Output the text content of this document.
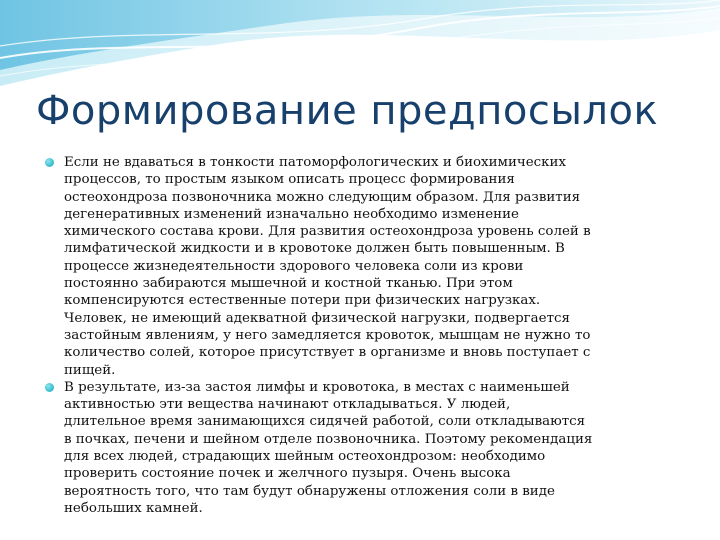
Формирование предпосылок
Если не вдаваться в тонкости патоморфологических и биохимических
процессов, то простым языком описать процесс формирования
остеохондроза позвоночника можно следующим образом. Для развития
дегенеративных изменений изначально необходимо изменение
химического состава крови. Для развития остеохондроза уровень солей в
лимфатической жидкости и в кровотоке должен быть повышенным. В
процессе жизнедеятельности здорового человека соли из крови
постоянно забираются мышечной и костной тканью. При этом
компенсируются естественные потери при физических нагрузках.
Человек, не имеющий адекватной физической нагрузки, подвергается
застойным явлениям, у него замедляется кровоток, мышцам не нужно то
количество солей, которое присутствует в организме и вновь поступает с
пищей.
В результате, из-за застоя лимфы и кровотока, в местах с наименьшей
активностью эти вещества начинают откладываться. У людей,
длительное время занимающихся сидячей работой, соли откладываются
в почках, печени и шейном отделе позвоночника. Поэтому рекомендация
для всех людей, страдающих шейным остеохондрозом: необходимо
проверить состояние почек и желчного пузыря. Очень высока
вероятность того, что там будут обнаружены отложения соли в виде
небольших камней.
